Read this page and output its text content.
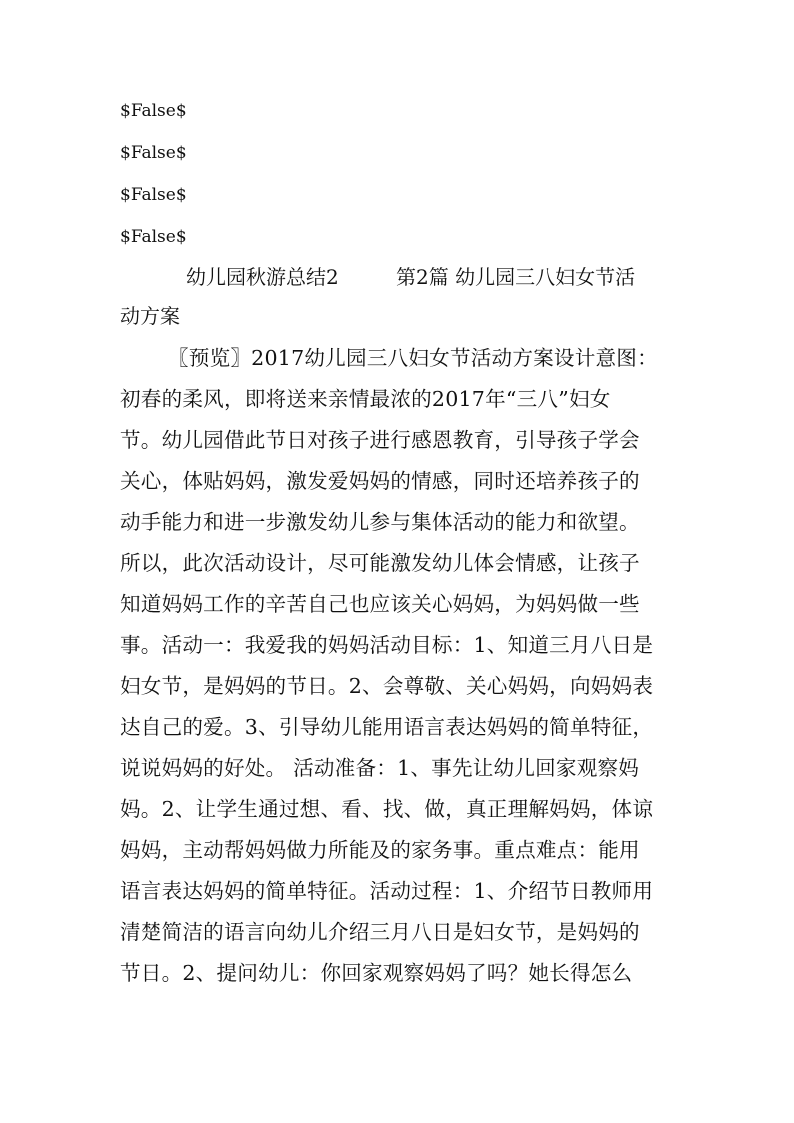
$False$
$False$
$False$
$False$
幼儿园秋游总结2	第2篇 幼儿园三八妇女节活
动方案
〖预览〗2017幼儿园三八妇女节活动方案设计意图：
初春的柔风，即将送来亲情最浓的2017年“三八”妇女
节。幼儿园借此节日对孩子进行感恩教育，引导孩子学会
关心，体贴妈妈，激发爱妈妈的情感，同时还培养孩子的
动手能力和进一步激发幼儿参与集体活动的能力和欲望。
所以，此次活动设计，尽可能激发幼儿体会情感，让孩子
知道妈妈工作的辛苦自己也应该关心妈妈，为妈妈做一些
事。活动一：我爱我的妈妈活动目标：1、知道三月八日是
妇女节，是妈妈的节日。2、会尊敬、关心妈妈，向妈妈表
达自己的爱。3、引导幼儿能用语言表达妈妈的简单特征，
说说妈妈的好处。 活动准备：1、事先让幼儿回家观察妈
妈。2、让学生通过想、看、找、做，真正理解妈妈，体谅
妈妈，主动帮妈妈做力所能及的家务事。重点难点：能用
语言表达妈妈的简单特征。活动过程：1、介绍节日教师用
清楚简洁的语言向幼儿介绍三月八日是妇女节，是妈妈的
节日。2、提问幼儿：你回家观察妈妈了吗？她长得怎么
